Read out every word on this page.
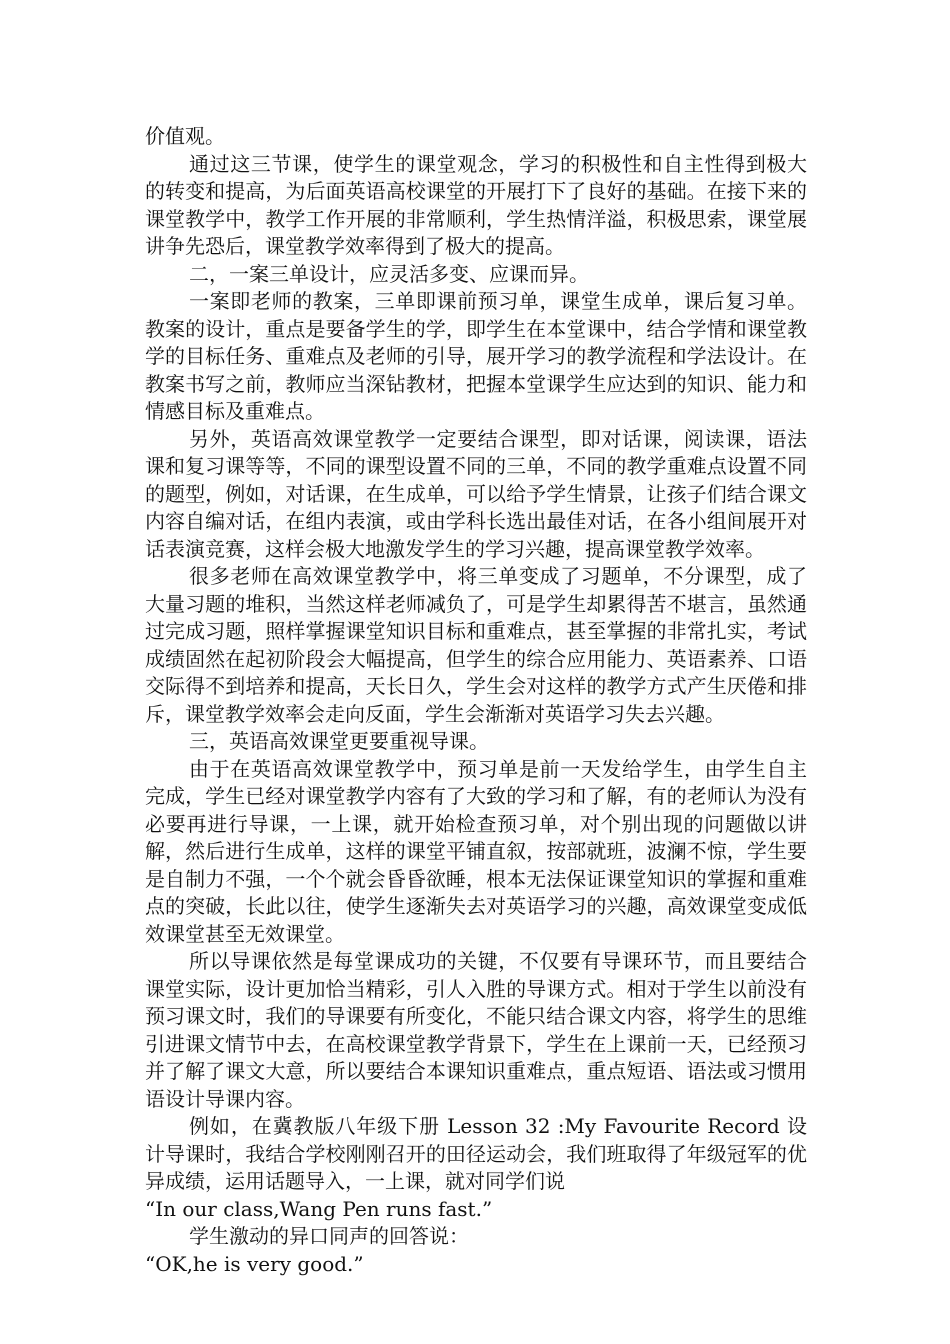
价值观。

通过这三节课，使学生的课堂观念，学习的积极性和自主性得到极大的转变和提高，为后面英语高校课堂的开展打下了良好的基础。在接下来的课堂教学中，教学工作开展的非常顺利，学生热情洋溢，积极思索，课堂展讲争先恐后，课堂教学效率得到了极大的提高。

二，一案三单设计，应灵活多变、应课而异。

一案即老师的教案，三单即课前预习单，课堂生成单，课后复习单。教案的设计，重点是要备学生的学，即学生在本堂课中，结合学情和课堂教学的目标任务、重难点及老师的引导，展开学习的教学流程和学法设计。在教案书写之前，教师应当深钻教材，把握本堂课学生应达到的知识、能力和情感目标及重难点。

另外，英语高效课堂教学一定要结合课型，即对话课，阅读课，语法课和复习课等等，不同的课型设置不同的三单，不同的教学重难点设置不同的题型，例如，对话课，在生成单，可以给予学生情景，让孩子们结合课文内容自编对话，在组内表演，或由学科长选出最佳对话，在各小组间展开对话表演竞赛，这样会极大地激发学生的学习兴趣，提高课堂教学效率。

很多老师在高效课堂教学中，将三单变成了习题单，不分课型，成了大量习题的堆积，当然这样老师减负了，可是学生却累得苦不堪言，虽然通过完成习题，照样掌握课堂知识目标和重难点，甚至掌握的非常扎实，考试成绩固然在起初阶段会大幅提高，但学生的综合应用能力、英语素养、口语交际得不到培养和提高，天长日久，学生会对这样的教学方式产生厌倦和排斥，课堂教学效率会走向反面，学生会渐渐对英语学习失去兴趣。

三，英语高效课堂更要重视导课。

由于在英语高效课堂教学中，预习单是前一天发给学生，由学生自主完成，学生已经对课堂教学内容有了大致的学习和了解，有的老师认为没有必要再进行导课，一上课，就开始检查预习单，对个别出现的问题做以讲解，然后进行生成单，这样的课堂平铺直叙，按部就班，波澜不惊，学生要是自制力不强，一个个就会昏昏欲睡，根本无法保证课堂知识的掌握和重难点的突破，长此以往，使学生逐渐失去对英语学习的兴趣，高效课堂变成低效课堂甚至无效课堂。

所以导课依然是每堂课成功的关键，不仅要有导课环节，而且要结合课堂实际，设计更加恰当精彩，引人入胜的导课方式。相对于学生以前没有预习课文时，我们的导课要有所变化，不能只结合课文内容，将学生的思维引进课文情节中去，在高校课堂教学背景下，学生在上课前一天，已经预习并了解了课文大意，所以要结合本课知识重难点，重点短语、语法或习惯用语设计导课内容。

例如，在冀教版八年级下册 Lesson 32 :My Favourite Record 设计导课时，我结合学校刚刚召开的田径运动会，我们班取得了年级冠军的优异成绩，运用话题导入，一上课，就对同学们说

“In our class,Wang Pen runs fast.”

学生激动的异口同声的回答说：

“OK,he is very good.”
